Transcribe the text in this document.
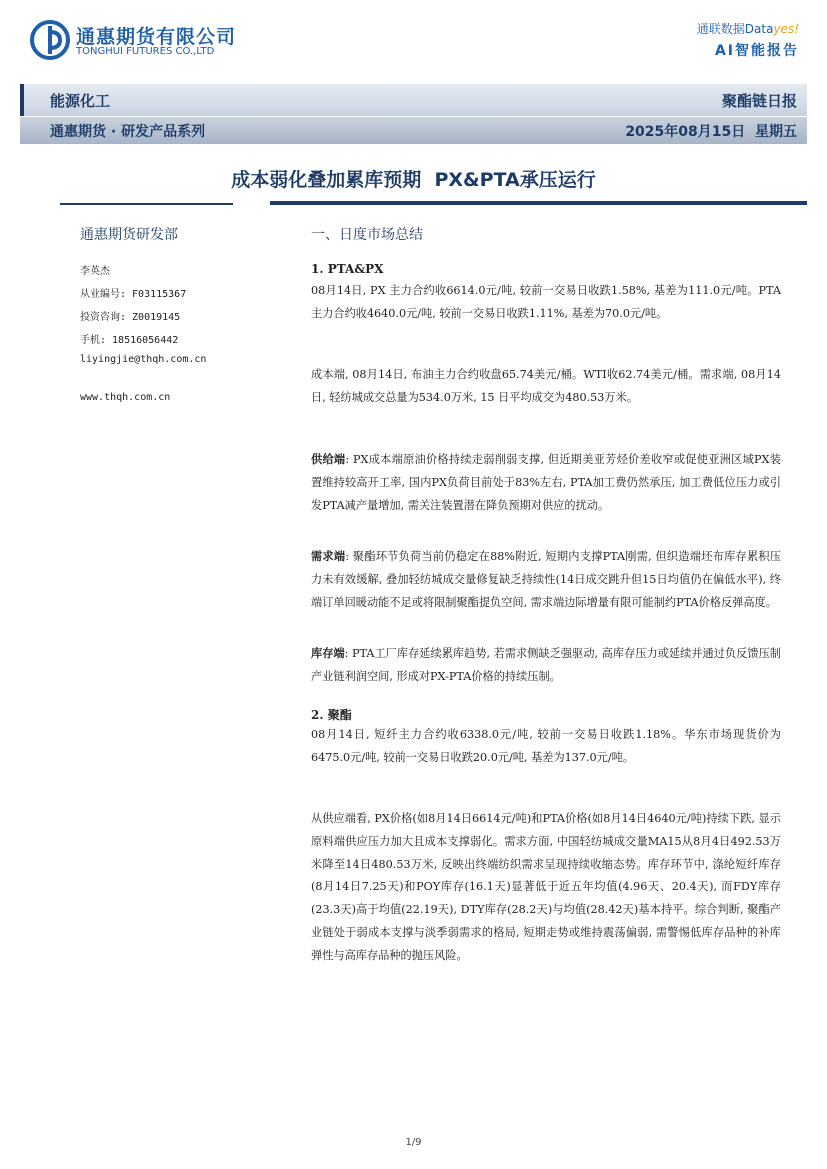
通惠期货有限公司
TONGHUI FUTURES CO.,LTD
通联数据Datayes!
AI智能报告
能源化工	聚酯链日报
通惠期货 · 研发产品系列	2025年08月15日  星期五
成本弱化叠加累库预期  PX&PTA承压运行
通惠期货研发部
李英杰
从业编号: F03115367
投资咨询: Z0019145
手机: 18516056442
liyingjie@thqh.com.cn
www.thqh.com.cn
一、日度市场总结
1. PTA&PX
08月14日, PX 主力合约收6614.0元/吨, 较前一交易日收跌1.58%, 基差为111.0元/吨。PTA 主力合约收4640.0元/吨, 较前一交易日收跌1.11%, 基差为70.0元/吨。
成本端, 08月14日, 布油主力合约收盘65.74美元/桶。WTI收62.74美元/桶。需求端, 08月14日, 轻纺城成交总量为534.0万米, 15 日平均成交为480.53万米。
供给端: PX成本端原油价格持续走弱削弱支撑, 但近期美亚芳烃价差收窄或促使亚洲区域PX装置维持较高开工率, 国内PX负荷目前处于83%左右, PTA加工费仍然承压, 加工费低位压力或引发PTA减产量增加, 需关注装置潜在降负预期对供应的扰动。
需求端: 聚酯环节负荷当前仍稳定在88%附近, 短期内支撑PTA刚需, 但织造端坯布库存累积压力未有效缓解, 叠加轻纺城成交量修复缺乏持续性(14日成交跳升但15日均值仍在偏低水平), 终端订单回暖动能不足或将限制聚酯提负空间, 需求端边际增量有限可能制约PTA价格反弹高度。
库存端: PTA工厂库存延续累库趋势, 若需求侧缺乏强驱动, 高库存压力或延续并通过负反馈压制产业链利润空间, 形成对PX-PTA价格的持续压制。
2. 聚酯
08月14日, 短纤主力合约收6338.0元/吨, 较前一交易日收跌1.18%。华东市场现货价为6475.0元/吨, 较前一交易日收跌20.0元/吨, 基差为137.0元/吨。
从供应端看, PX价格(如8月14日6614元/吨)和PTA价格(如8月14日4640元/吨)持续下跌, 显示原料端供应压力加大且成本支撑弱化。需求方面, 中国轻纺城成交量MA15从8月4日492.53万米降至14日480.53万米, 反映出终端纺织需求呈现持续收缩态势。库存环节中, 涤纶短纤库存(8月14日7.25天)和POY库存(16.1天)显著低于近五年均值(4.96天、20.4天), 而FDY库存(23.3天)高于均值(22.19天), DTY库存(28.2天)与均值(28.42天)基本持平。综合判断, 聚酯产业链处于弱成本支撑与淡季弱需求的格局, 短期走势或维持震荡偏弱, 需警惕低库存品种的补库弹性与高库存品种的抛压风险。
1/9
